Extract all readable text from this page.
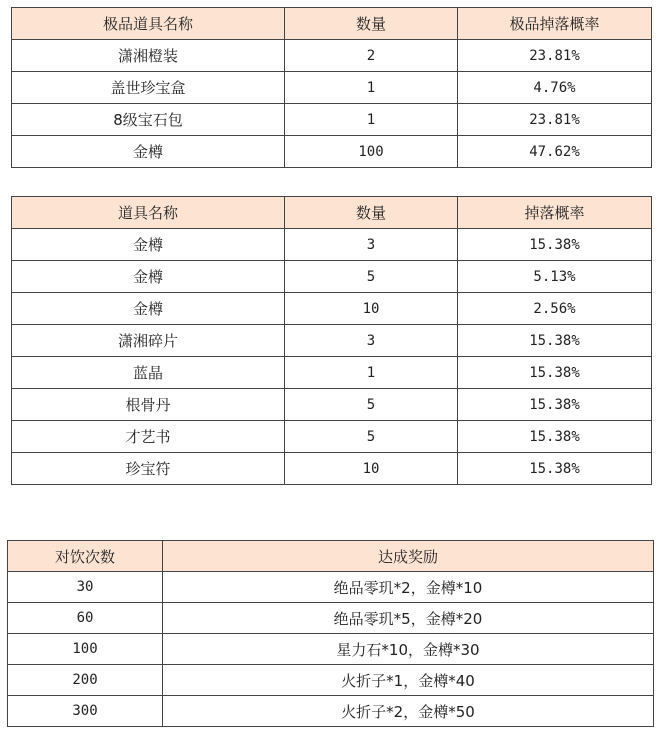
极品道具名称	数量	极品掉落概率
潇湘橙装	2	23.81%
盖世珍宝盒	1	4.76%
8级宝石包	1	23.81%
金樽	100	47.62%
道具名称	数量	掉落概率
金樽	3	15.38%
金樽	5	5.13%
金樽	10	2.56%
潇湘碎片	3	15.38%
蓝晶	1	15.38%
根骨丹	5	15.38%
才艺书	5	15.38%
珍宝符	10	15.38%
对饮次数	达成奖励
30	绝品零玑*2，金樽*10
60	绝品零玑*5，金樽*20
100	星力石*10，金樽*30
200	火折子*1，金樽*40
300	火折子*2，金樽*50
